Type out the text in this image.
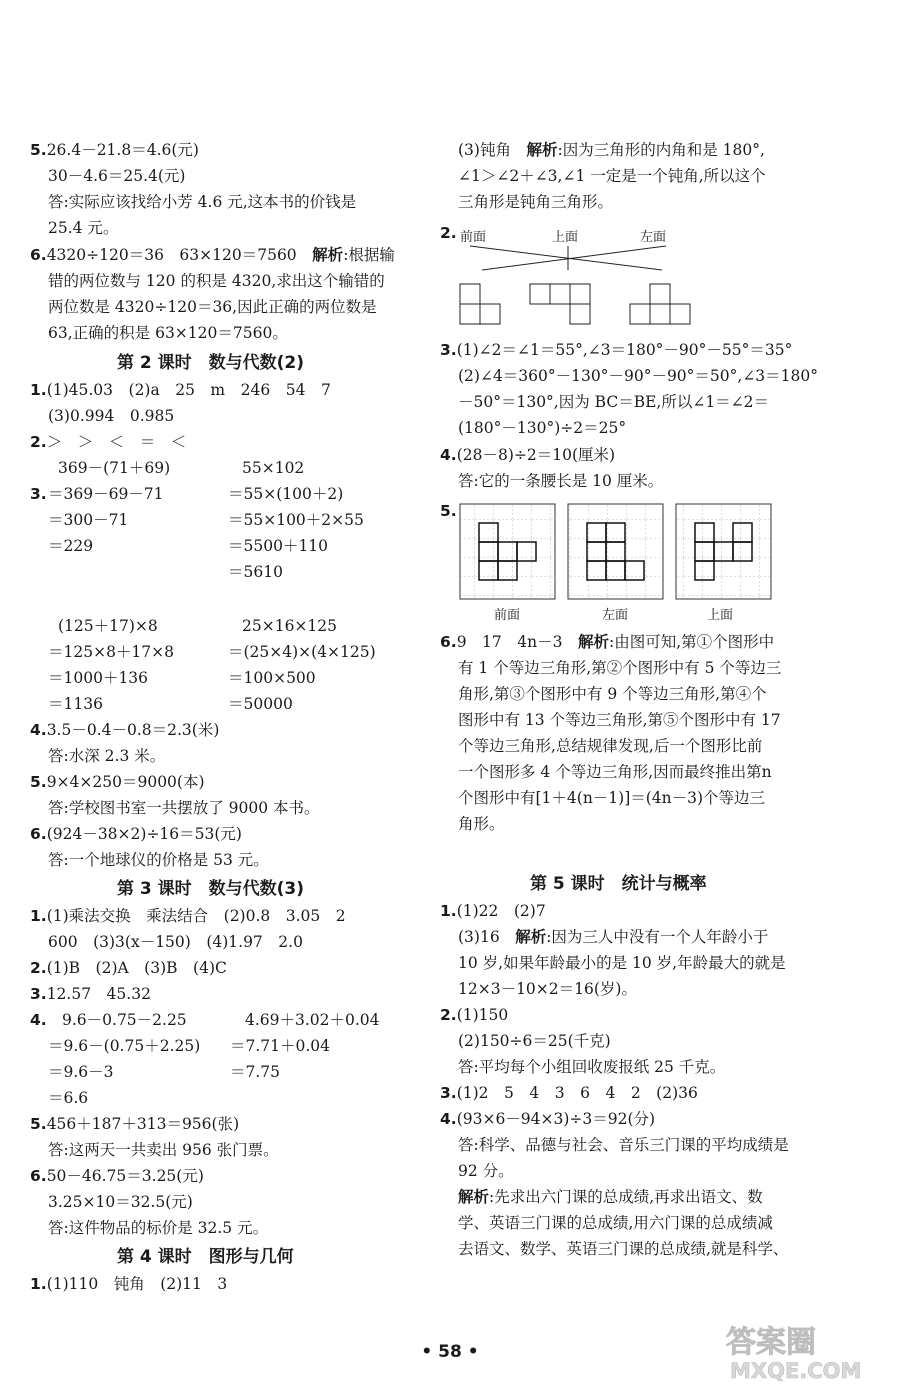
5.26.4－21.8＝4.6(元)
30－4.6＝25.4(元)
答:实际应该找给小芳 4.6 元,这本书的价钱是
25.4 元。
6.4320÷120＝36　63×120＝7560　解析:根据输
错的两位数与 120 的积是 4320,求出这个输错的
两位数是 4320÷120＝36,因此正确的两位数是
63,正确的积是 63×120＝7560。
第 2 课时　数与代数(2)
1.(1)45.03　(2)a　25　m　246　54　7
(3)0.994　0.985
2.＞　＞　＜　＝　＜
3.
369－(71＋69)
＝369－69－71
＝300－71
＝229
55×102
＝55×(100＋2)
＝55×100＋2×55
＝5500＋110
＝5610
(125＋17)×8
＝125×8＋17×8
＝1000＋136
＝1136
25×16×125
＝(25×4)×(4×125)
＝100×500
＝50000
4.3.5－0.4－0.8＝2.3(米)
答:水深 2.3 米。
5.9×4×250＝9000(本)
答:学校图书室一共摆放了 9000 本书。
6.(924－38×2)÷16＝53(元)
答:一个地球仪的价格是 53 元。
第 3 课时　数与代数(3)
1.(1)乘法交换　乘法结合　(2)0.8　3.05　2
600　(3)3(x－150)　(4)1.97　2.0
2.(1)B　(2)A　(3)B　(4)C
3.12.57　45.32
4. 9.6－0.75－2.25
＝9.6－(0.75＋2.25)
＝9.6－3
＝6.6
4.69＋3.02＋0.04
＝7.71＋0.04
＝7.75
5.456＋187＋313＝956(张)
答:这两天一共卖出 956 张门票。
6.50－46.75＝3.25(元)
3.25×10＝32.5(元)
答:这件物品的标价是 32.5 元。
第 4 课时　图形与几何
1.(1)110　钝角　(2)11　3
(3)钝角　解析:因为三角形的内角和是 180°,
∠1＞∠2＋∠3,∠1 一定是一个钝角,所以这个
三角形是钝角三角形。
2. 前面	上面	左面
3.(1)∠2＝∠1＝55°,∠3＝180°－90°－55°＝35°
(2)∠4＝360°－130°－90°－90°＝50°,∠3＝180°
－50°＝130°,因为 BC＝BE,所以∠1＝∠2＝
(180°－130°)÷2＝25°
4.(28－8)÷2＝10(厘米)
答:它的一条腰长是 10 厘米。
5.
前面	左面	上面
6.9　17　4n－3　解析:由图可知,第①个图形中
有 1 个等边三角形,第②个图形中有 5 个等边三
角形,第③个图形中有 9 个等边三角形,第④个
图形中有 13 个等边三角形,第⑤个图形中有 17
个等边三角形,总结规律发现,后一个图形比前
一个图形多 4 个等边三角形,因而最终推出第n
个图形中有[1＋4(n－1)]＝(4n－3)个等边三
角形。
第 5 课时　统计与概率
1.(1)22　(2)7
(3)16　解析:因为三人中没有一个人年龄小于
10 岁,如果年龄最小的是 10 岁,年龄最大的就是
12×3－10×2＝16(岁)。
2.(1)150
(2)150÷6＝25(千克)
答:平均每个小组回收废报纸 25 千克。
3.(1)2　5　4　3　6　4　2　(2)36
4.(93×6－94×3)÷3＝92(分)
答:科学、品德与社会、音乐三门课的平均成绩是
92 分。
解析:先求出六门课的总成绩,再求出语文、数
学、英语三门课的总成绩,用六门课的总成绩减
去语文、数学、英语三门课的总成绩,就是科学、
• 58 •	答案圈
MXQE.COM
